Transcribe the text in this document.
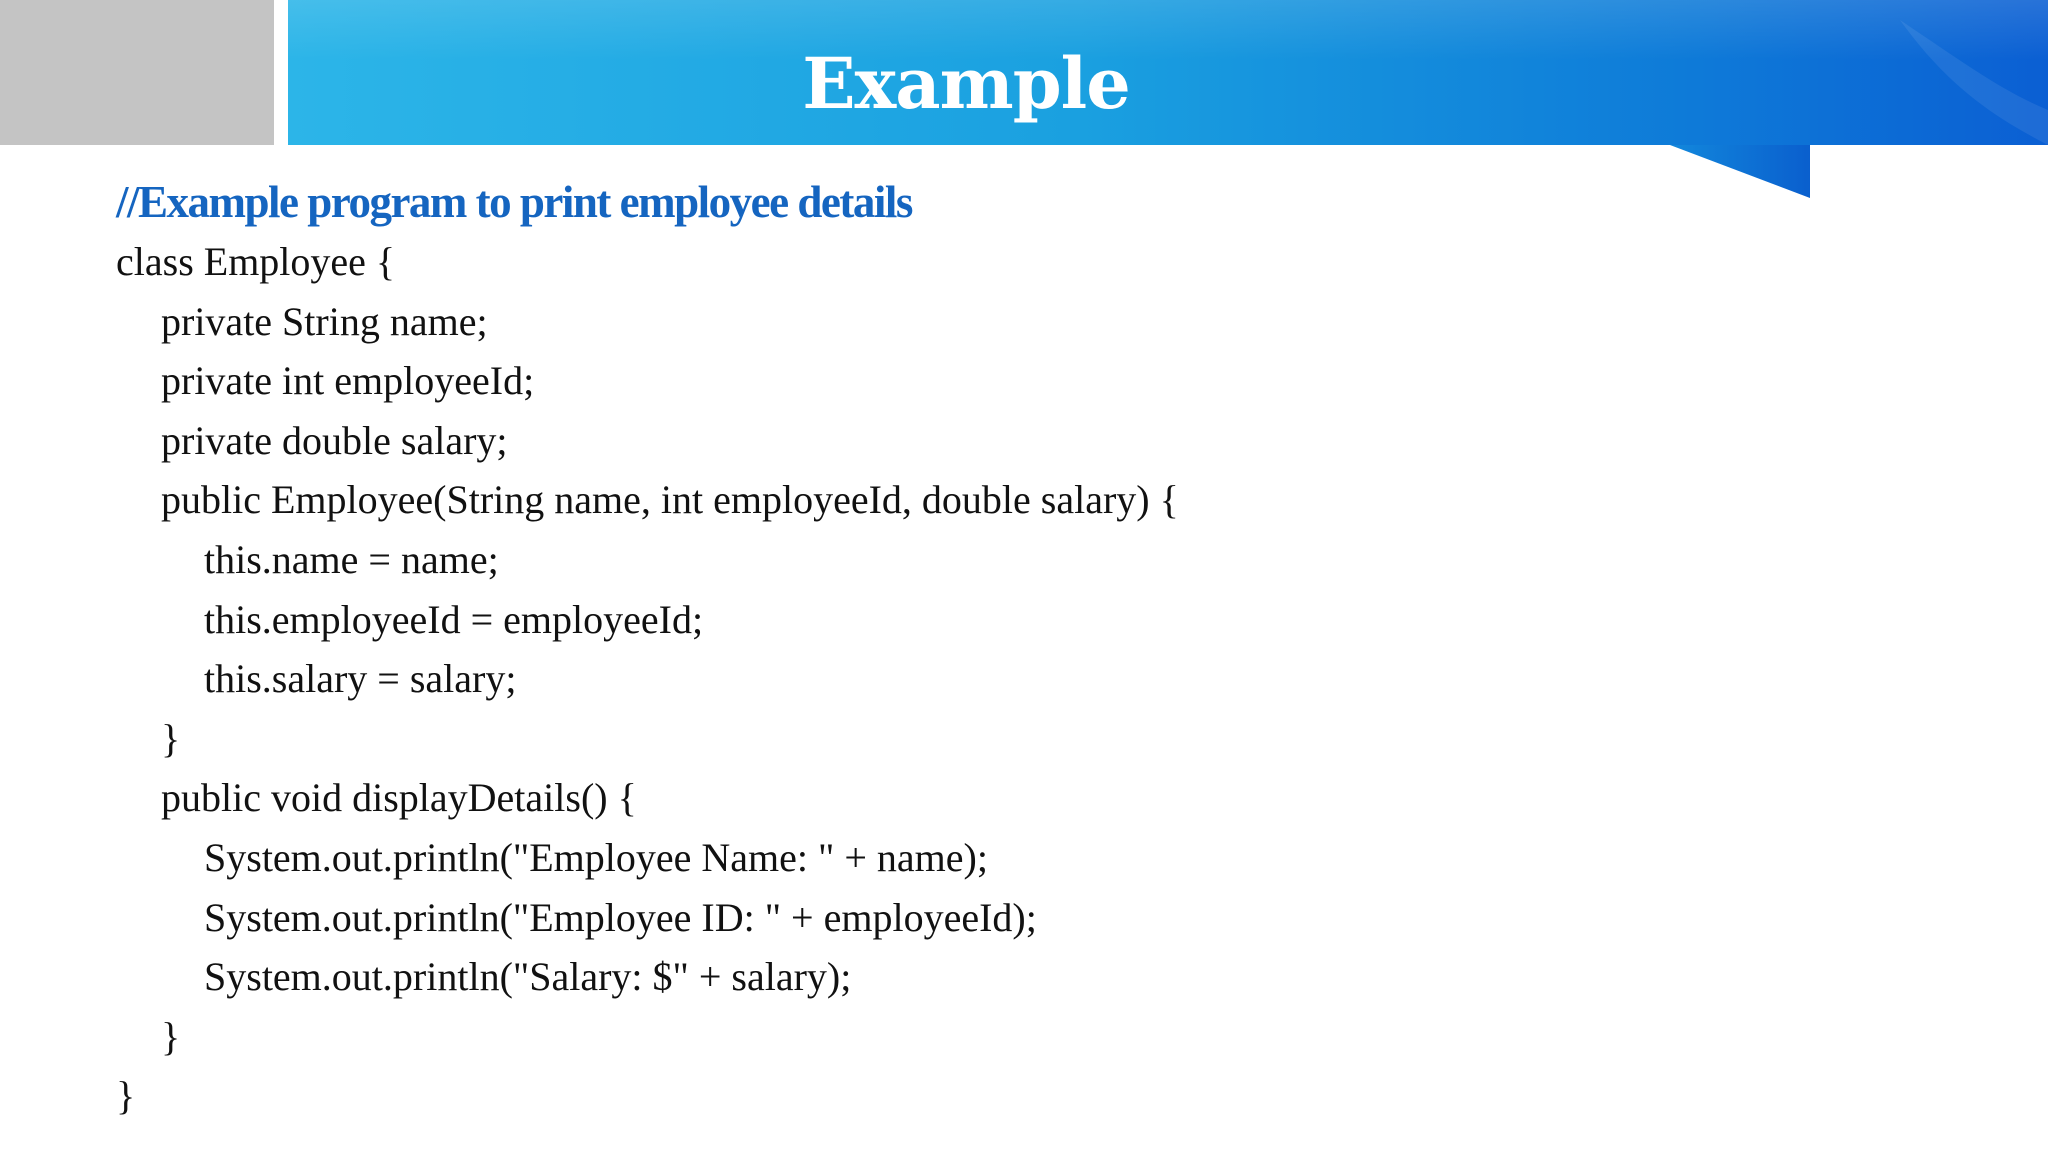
Example
//Example program to print employee details
class Employee {
private String name;
private int employeeId;
private double salary;
public Employee(String name, int employeeId, double salary) {
this.name = name;
this.employeeId = employeeId;
this.salary = salary;
}
public void displayDetails() {
System.out.println("Employee Name: " + name);
System.out.println("Employee ID: " + employeeId);
System.out.println("Salary: $" + salary);
}
}
